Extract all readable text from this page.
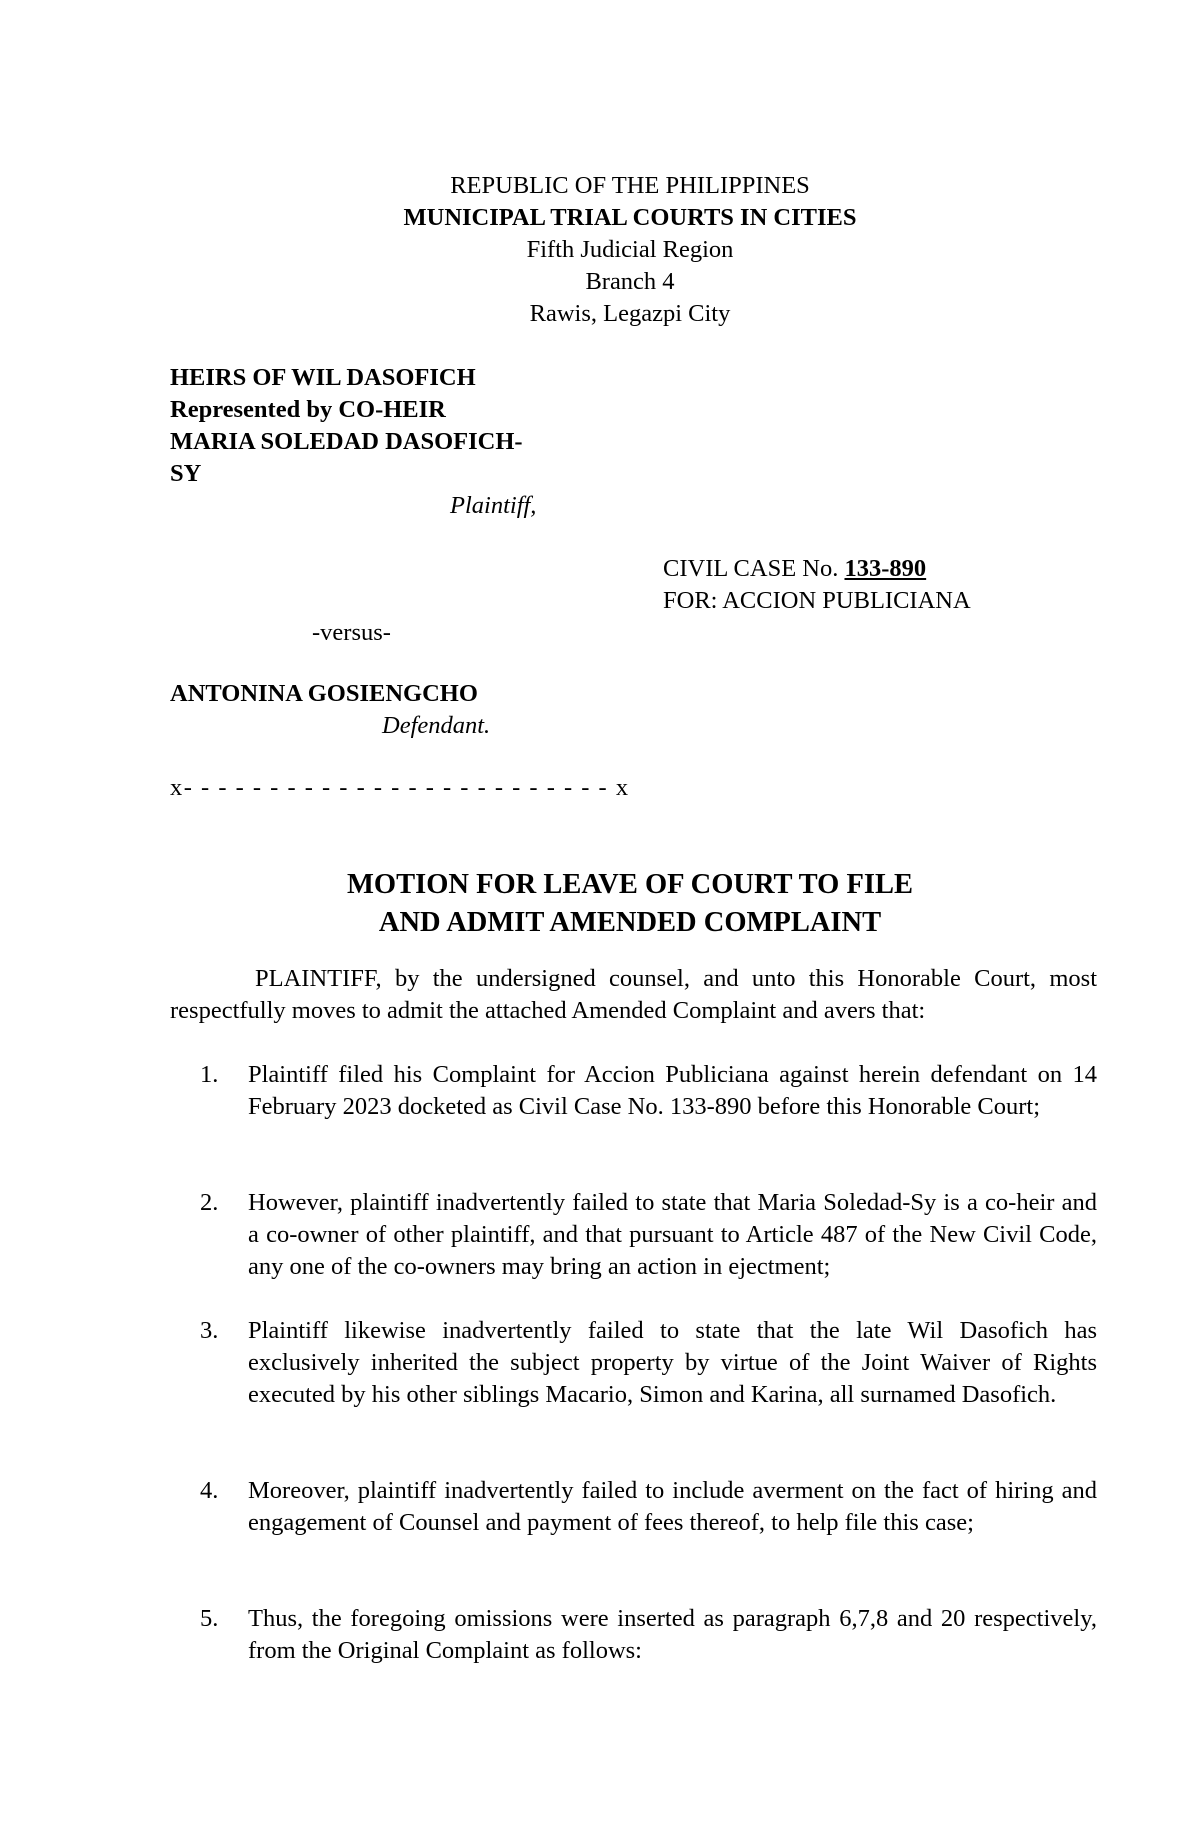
REPUBLIC OF THE PHILIPPINES
MUNICIPAL TRIAL COURTS IN CITIES
Fifth Judicial Region
Branch 4
Rawis, Legazpi City
HEIRS OF WIL DASOFICH
Represented by CO-HEIR
MARIA SOLEDAD DASOFICH-
SY
Plaintiff,
CIVIL CASE No. 133-890
FOR: ACCION PUBLICIANA
-versus-
ANTONINA GOSIENGCHO
Defendant.
x- - - - - - - - - - - - - - - - - - - - - - - - - x
MOTION FOR LEAVE OF COURT TO FILE
AND ADMIT AMENDED COMPLAINT
PLAINTIFF, by the undersigned counsel, and unto this Honorable Court, most respectfully moves to admit the attached Amended Complaint and avers that:
1. Plaintiff filed his Complaint for Accion Publiciana against herein defendant on 14 February 2023 docketed as Civil Case No. 133-890 before this Honorable Court;
2. However, plaintiff inadvertently failed to state that Maria Soledad-Sy is a co-heir and a co-owner of other plaintiff, and that pursuant to Article 487 of the New Civil Code, any one of the co-owners may bring an action in ejectment;
3. Plaintiff likewise inadvertently failed to state that the late Wil Dasofich has exclusively inherited the subject property by virtue of the Joint Waiver of Rights executed by his other siblings Macario, Simon and Karina, all surnamed Dasofich.
4. Moreover, plaintiff inadvertently failed to include averment on the fact of hiring and engagement of Counsel and payment of fees thereof, to help file this case;
5. Thus, the foregoing omissions were inserted as paragraph 6,7,8 and 20 respectively, from the Original Complaint as follows:
